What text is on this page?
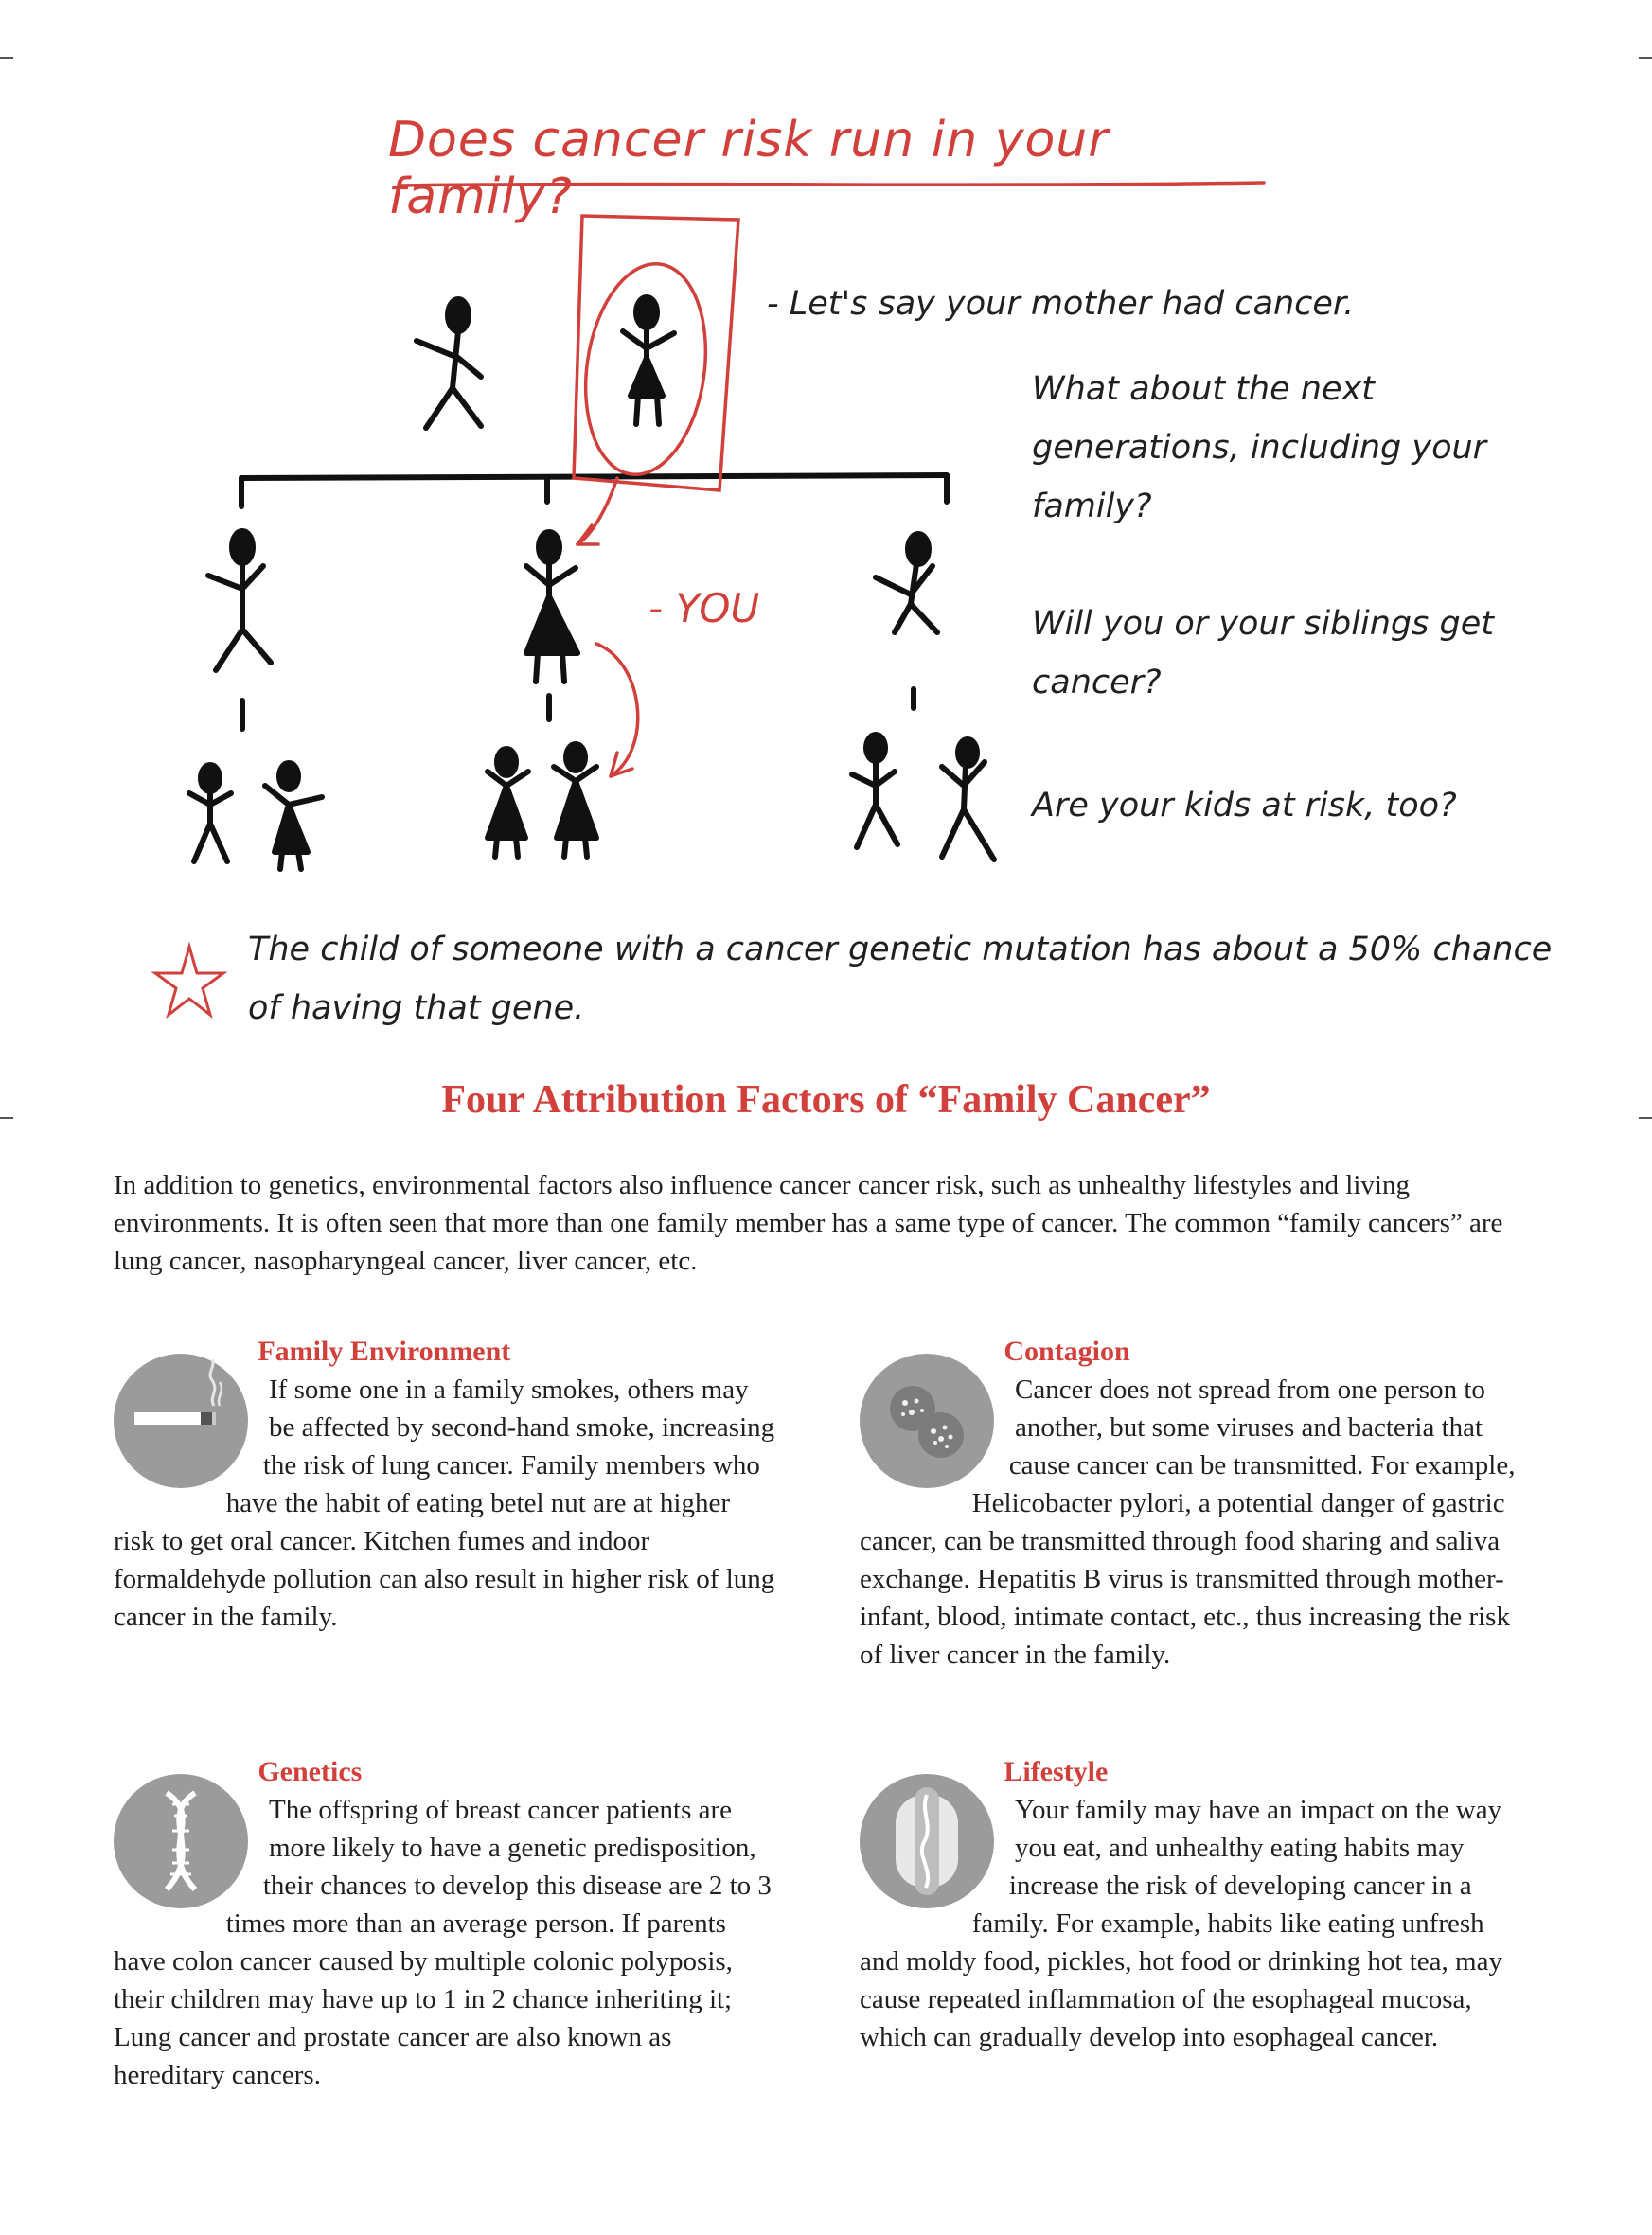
Does cancer risk run in your family?
- Let's say your mother had cancer.
What about the next generations, including your family?
Will you or your siblings get cancer?
Are your kids at risk, too?
- YOU
The child of someone with a cancer genetic mutation has about a 50% chance of having that gene.
Four Attribution Factors of “Family Cancer”
In addition to genetics, environmental factors also influence cancer cancer risk, such as unhealthy lifestyles and living environments. It is often seen that more than one family member has a same type of cancer. The common “family cancers” are lung cancer, nasopharyngeal cancer, liver cancer, etc.
Family Environment

If some one in a family smokes, others may be affected by second-hand smoke, increasing the risk of lung cancer. Family members who have the habit of eating betel nut are at higher risk to get oral cancer. Kitchen fumes and indoor formaldehyde pollution can also result in higher risk of lung cancer in the family.

Contagion

Cancer does not spread from one person to another, but some viruses and bacteria that cause cancer can be transmitted. For example, Helicobacter pylori, a potential danger of gastric cancer, can be transmitted through food sharing and saliva exchange. Hepatitis B virus is transmitted through mother-infant, blood, intimate contact, etc., thus increasing the risk of liver cancer in the family.

Genetics

The offspring of breast cancer patients are more likely to have a genetic predisposition, their chances to develop this disease are 2 to 3 times more than an average person. If parents have colon cancer caused by multiple colonic polyposis, their children may have up to 1 in 2 chance inheriting it; Lung cancer and prostate cancer are also known as hereditary cancers.

Lifestyle

Your family may have an impact on the way you eat, and unhealthy eating habits may increase the risk of developing cancer in a family. For example, habits like eating unfresh and moldy food, pickles, hot food or drinking hot tea, may cause repeated inflammation of the esophageal mucosa, which can gradually develop into esophageal cancer.
